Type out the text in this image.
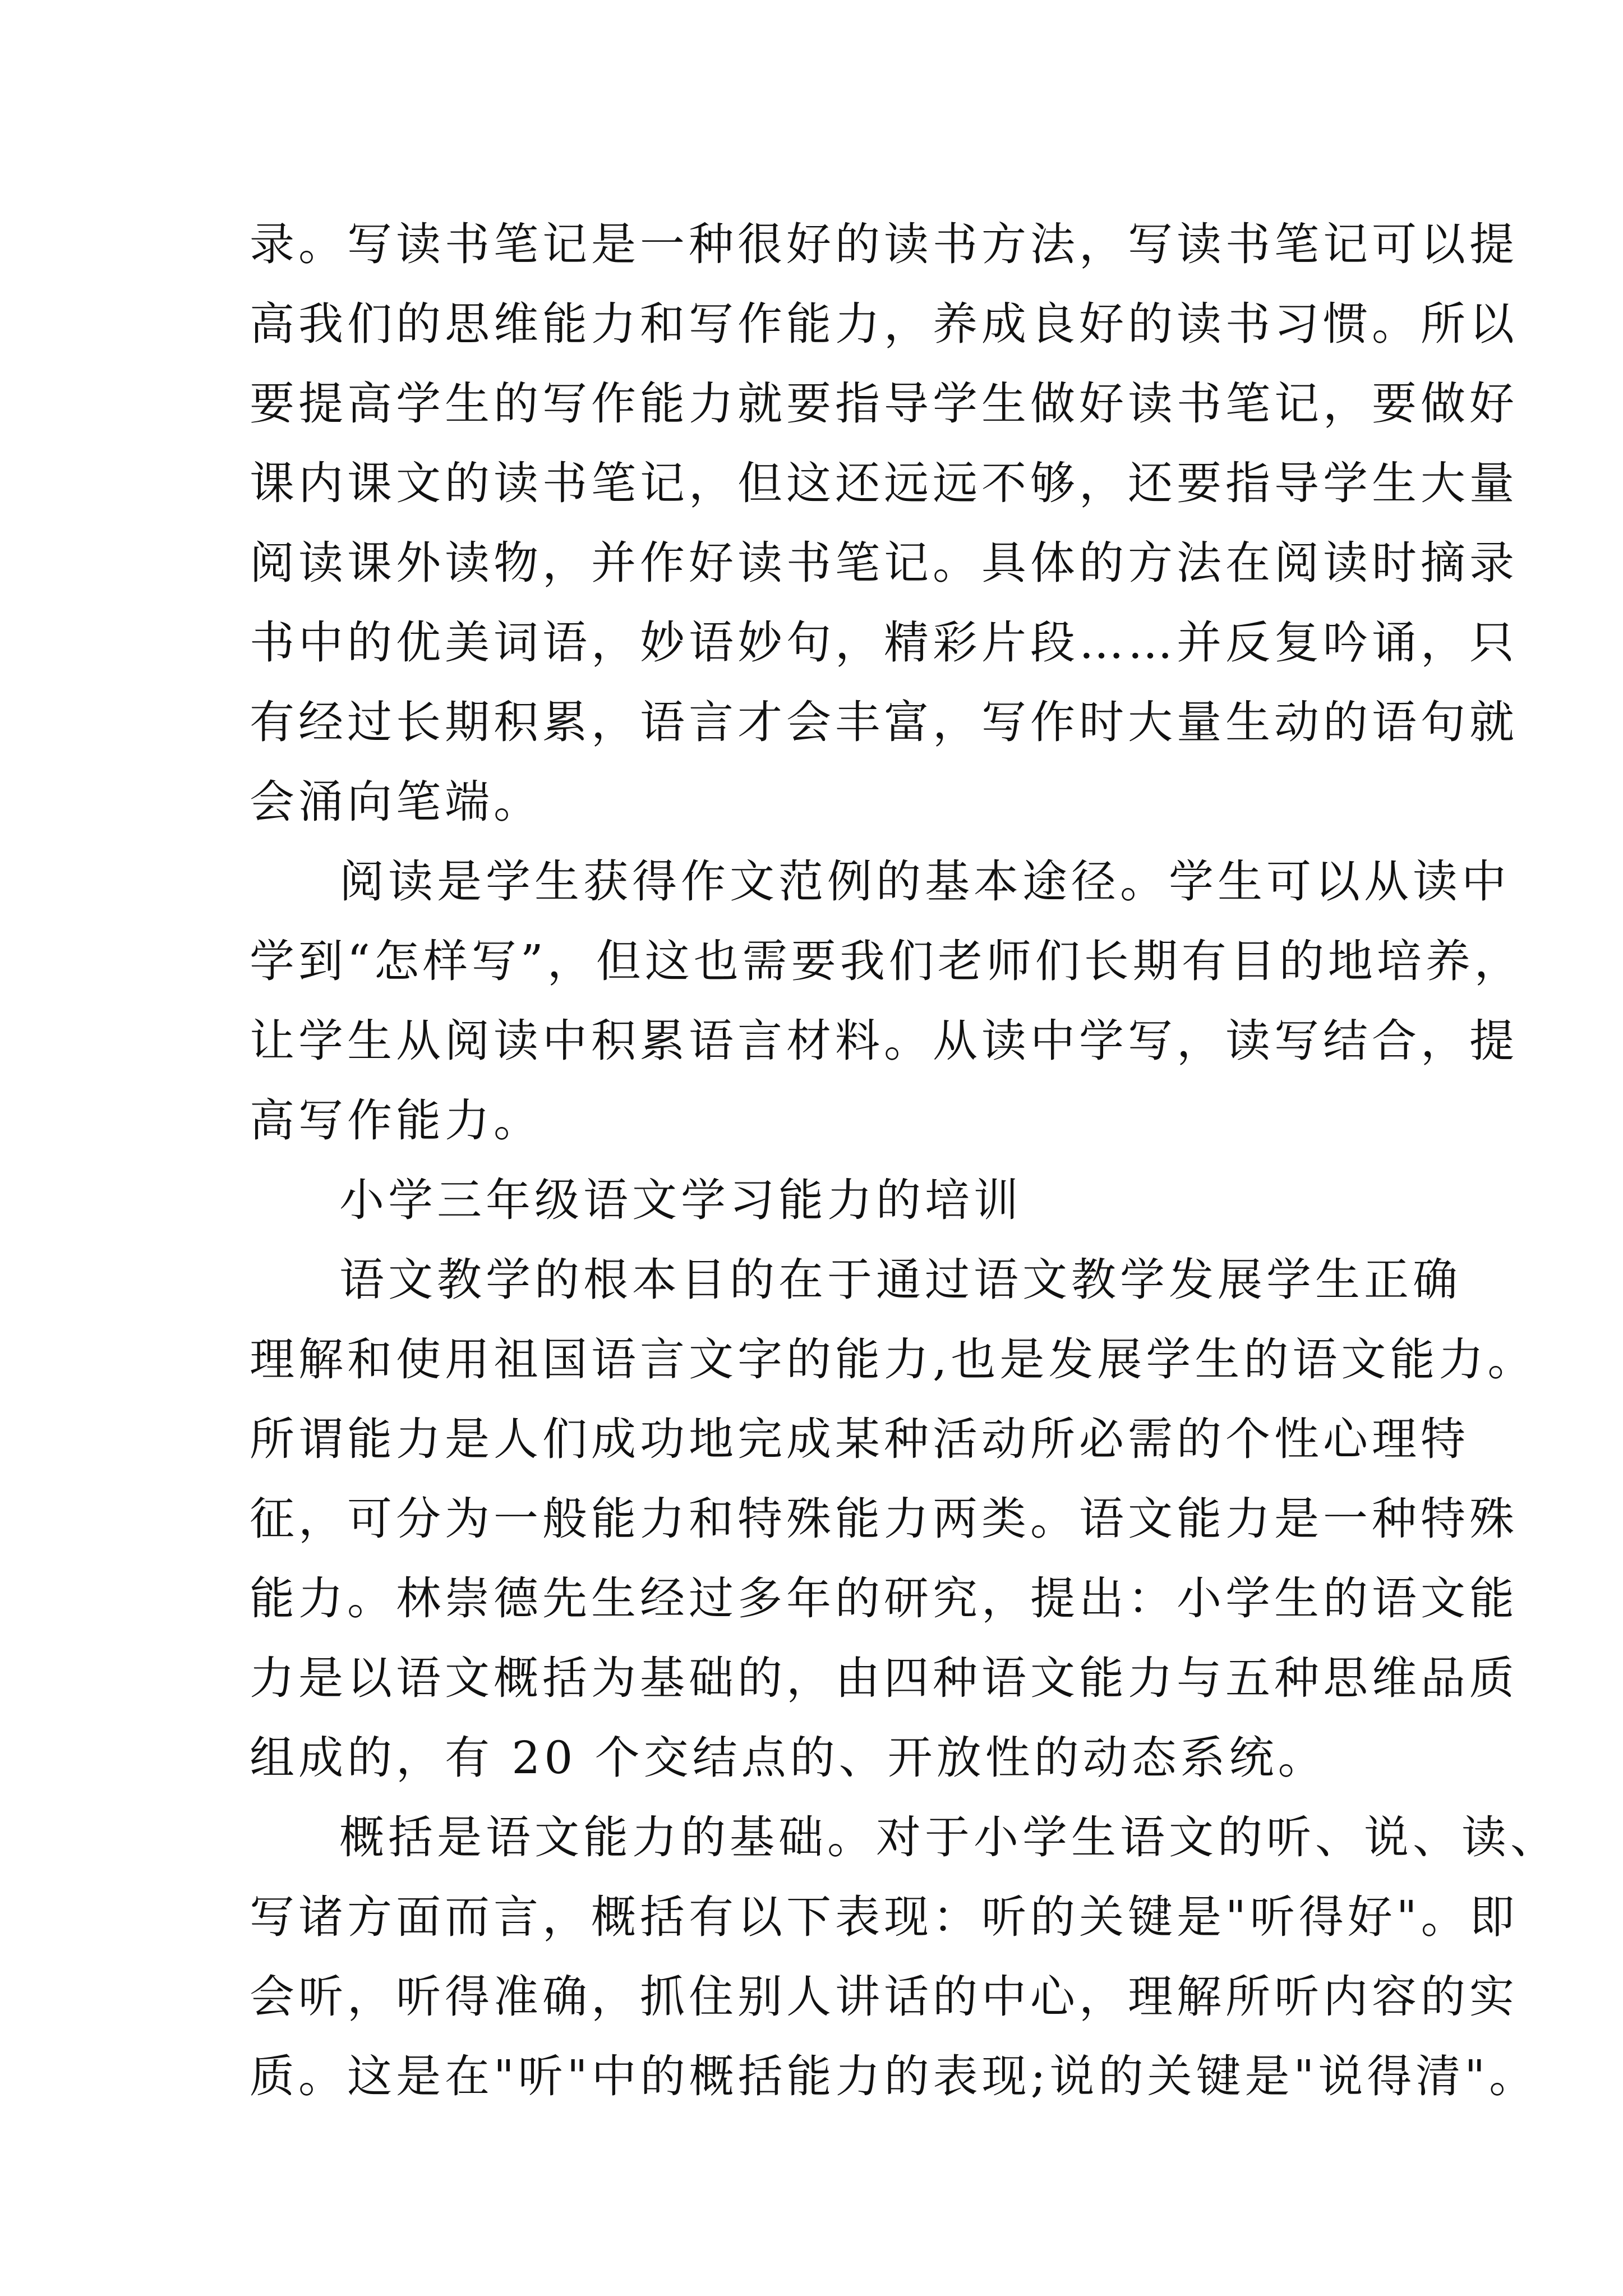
录。写读书笔记是一种很好的读书方法，写读书笔记可以提
高我们的思维能力和写作能力，养成良好的读书习惯。所以
要提高学生的写作能力就要指导学生做好读书笔记，要做好
课内课文的读书笔记，但这还远远不够，还要指导学生大量
阅读课外读物，并作好读书笔记。具体的方法在阅读时摘录
书中的优美词语，妙语妙句，精彩片段……并反复吟诵，只
有经过长期积累，语言才会丰富，写作时大量生动的语句就
会涌向笔端。
阅读是学生获得作文范例的基本途径。学生可以从读中
学到“怎样写”，但这也需要我们老师们长期有目的地培养，
让学生从阅读中积累语言材料。从读中学写，读写结合，提
高写作能力。
小学三年级语文学习能力的培训
语文教学的根本目的在于通过语文教学发展学生正确
理解和使用祖国语言文字的能力,也是发展学生的语文能力。
所谓能力是人们成功地完成某种活动所必需的个性心理特
征，可分为一般能力和特殊能力两类。语文能力是一种特殊
能力。林崇德先生经过多年的研究，提出：小学生的语文能
力是以语文概括为基础的，由四种语文能力与五种思维品质
组成的，有 20 个交结点的、开放性的动态系统。
概括是语文能力的基础。对于小学生语文的听、说、读、
写诸方面而言，概括有以下表现：听的关键是"听得好"。即
会听，听得准确，抓住别人讲话的中心，理解所听内容的实
质。这是在"听"中的概括能力的表现;说的关键是"说得清"。
